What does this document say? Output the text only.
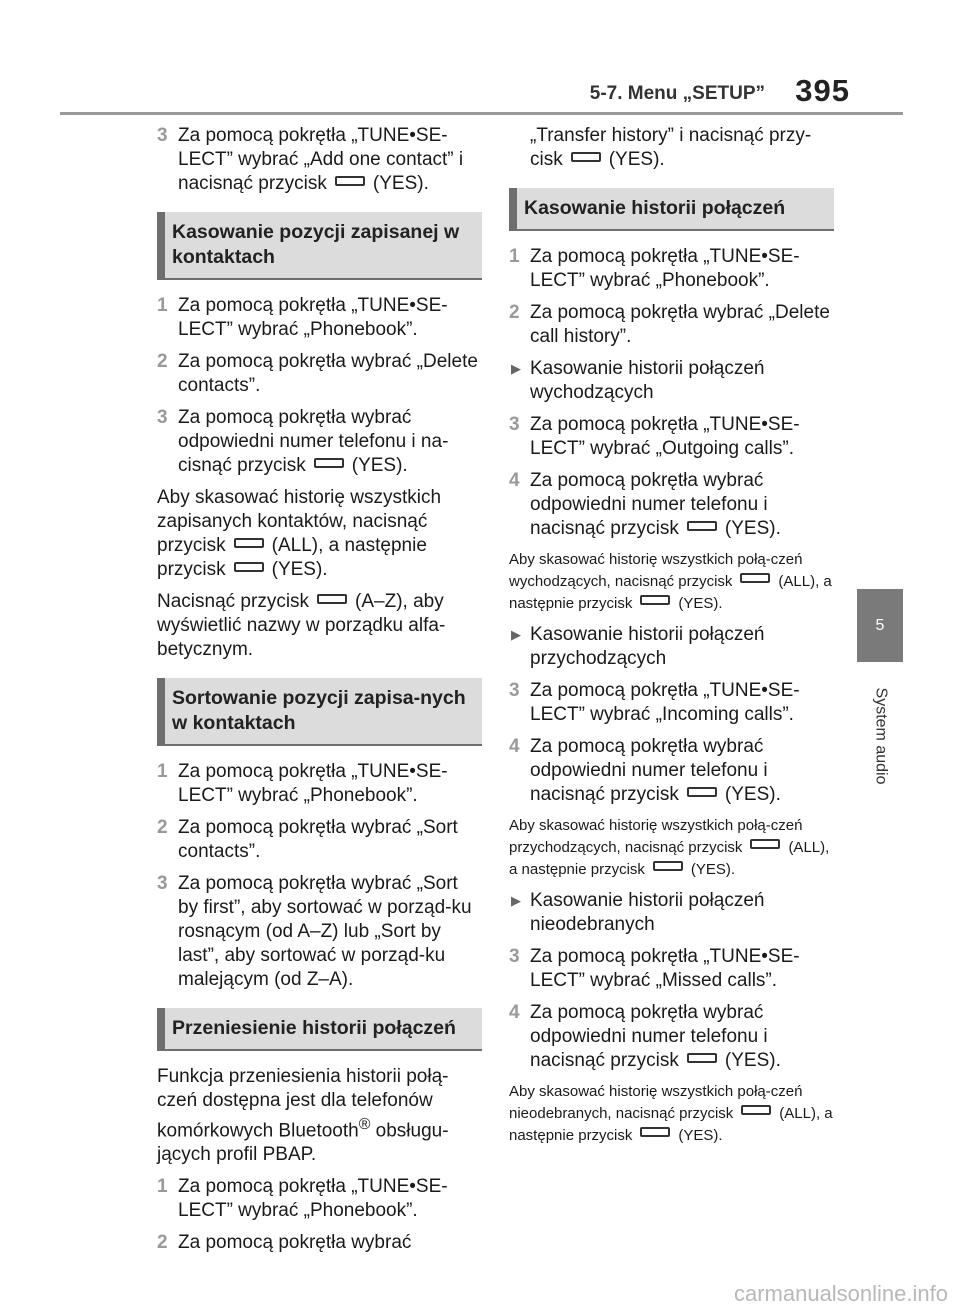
5-7. Menu „SETUP” 395
5
System audio
3 Za pomocą pokrętła „TUNE•SE-LECT” wybrać „Add one contact” i nacisnąć przycisk (YES).
Kasowanie pozycji zapisanej w kontaktach
1 Za pomocą pokrętła „TUNE•SE-LECT” wybrać „Phonebook”.
2 Za pomocą pokrętła wybrać „Delete contacts”.
3 Za pomocą pokrętła wybrać odpowiedni numer telefonu i na-cisnąć przycisk (YES).
Aby skasować historię wszystkich zapisanych kontaktów, nacisnąć przycisk (ALL), a następnie przycisk (YES).
Nacisnąć przycisk (A–Z), aby wyświetlić nazwy w porządku alfa-betycznym.
Sortowanie pozycji zapisa-nych w kontaktach
1 Za pomocą pokrętła „TUNE•SE-LECT” wybrać „Phonebook”.
2 Za pomocą pokrętła wybrać „Sort contacts”.
3 Za pomocą pokrętła wybrać „Sort by first”, aby sortować w porząd-ku rosnącym (od A–Z) lub „Sort by last”, aby sortować w porząd-ku malejącym (od Z–A).
Przeniesienie historii połączeń
Funkcja przeniesienia historii połą-czeń dostępna jest dla telefonów komórkowych Bluetooth® obsługu-jących profil PBAP.
1 Za pomocą pokrętła „TUNE•SE-LECT” wybrać „Phonebook”.
2 Za pomocą pokrętła wybrać
„Transfer history” i nacisnąć przy-cisk (YES).
Kasowanie historii połączeń
1 Za pomocą pokrętła „TUNE•SE-LECT” wybrać „Phonebook”.
2 Za pomocą pokrętła wybrać „Delete call history”.
▶ Kasowanie historii połączeń wychodzących
3 Za pomocą pokrętła „TUNE•SE-LECT” wybrać „Outgoing calls”.
4 Za pomocą pokrętła wybrać odpowiedni numer telefonu i nacisnąć przycisk (YES).
Aby skasować historię wszystkich połą-czeń wychodzących, nacisnąć przycisk	(ALL), a następnie przycisk	(YES).
▶ Kasowanie historii połączeń przychodzących
3 Za pomocą pokrętła „TUNE•SE-LECT” wybrać „Incoming calls”.
4 Za pomocą pokrętła wybrać odpowiedni numer telefonu i nacisnąć przycisk (YES).
Aby skasować historię wszystkich połą-czeń przychodzących, nacisnąć przycisk	(ALL), a następnie przycisk	(YES).
▶ Kasowanie historii połączeń nieodebranych
3 Za pomocą pokrętła „TUNE•SE-LECT” wybrać „Missed calls”.
4 Za pomocą pokrętła wybrać odpowiedni numer telefonu i nacisnąć przycisk (YES).
Aby skasować historię wszystkich połą-czeń nieodebranych, nacisnąć przycisk	(ALL), a następnie przycisk	(YES).
carmanualsonline.info
